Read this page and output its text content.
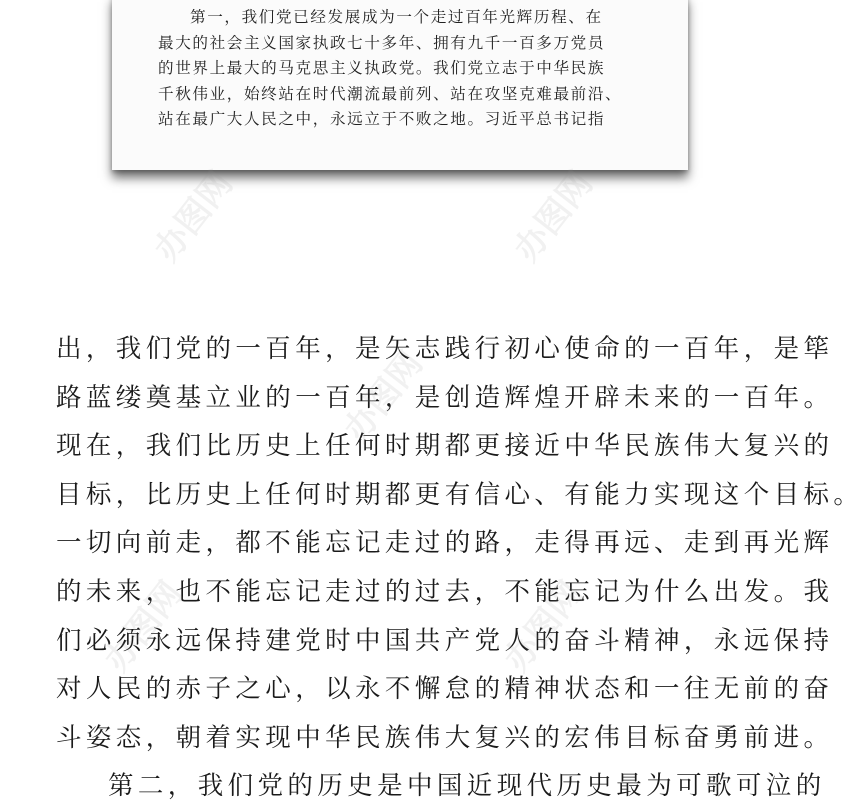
第一，我们党已经发展成为一个走过百年光辉历程、在
最大的社会主义国家执政七十多年、拥有九千一百多万党员
的世界上最大的马克思主义执政党。我们党立志于中华民族
千秋伟业，始终站在时代潮流最前列、站在攻坚克难最前沿、
站在最广大人民之中，永远立于不败之地。习近平总书记指
出，我们党的一百年，是矢志践行初心使命的一百年，是筚
路蓝缕奠基立业的一百年，是创造辉煌开辟未来的一百年。
现在，我们比历史上任何时期都更接近中华民族伟大复兴的
目标，比历史上任何时期都更有信心、有能力实现这个目标。
一切向前走，都不能忘记走过的路，走得再远、走到再光辉
的未来，也不能忘记走过的过去，不能忘记为什么出发。我
们必须永远保持建党时中国共产党人的奋斗精神，永远保持
对人民的赤子之心，以永不懈怠的精神状态和一往无前的奋
斗姿态，朝着实现中华民族伟大复兴的宏伟目标奋勇前进。
第二，我们党的历史是中国近现代历史最为可歌可泣的
办图网	办图网
办图网
办图网	办图网
